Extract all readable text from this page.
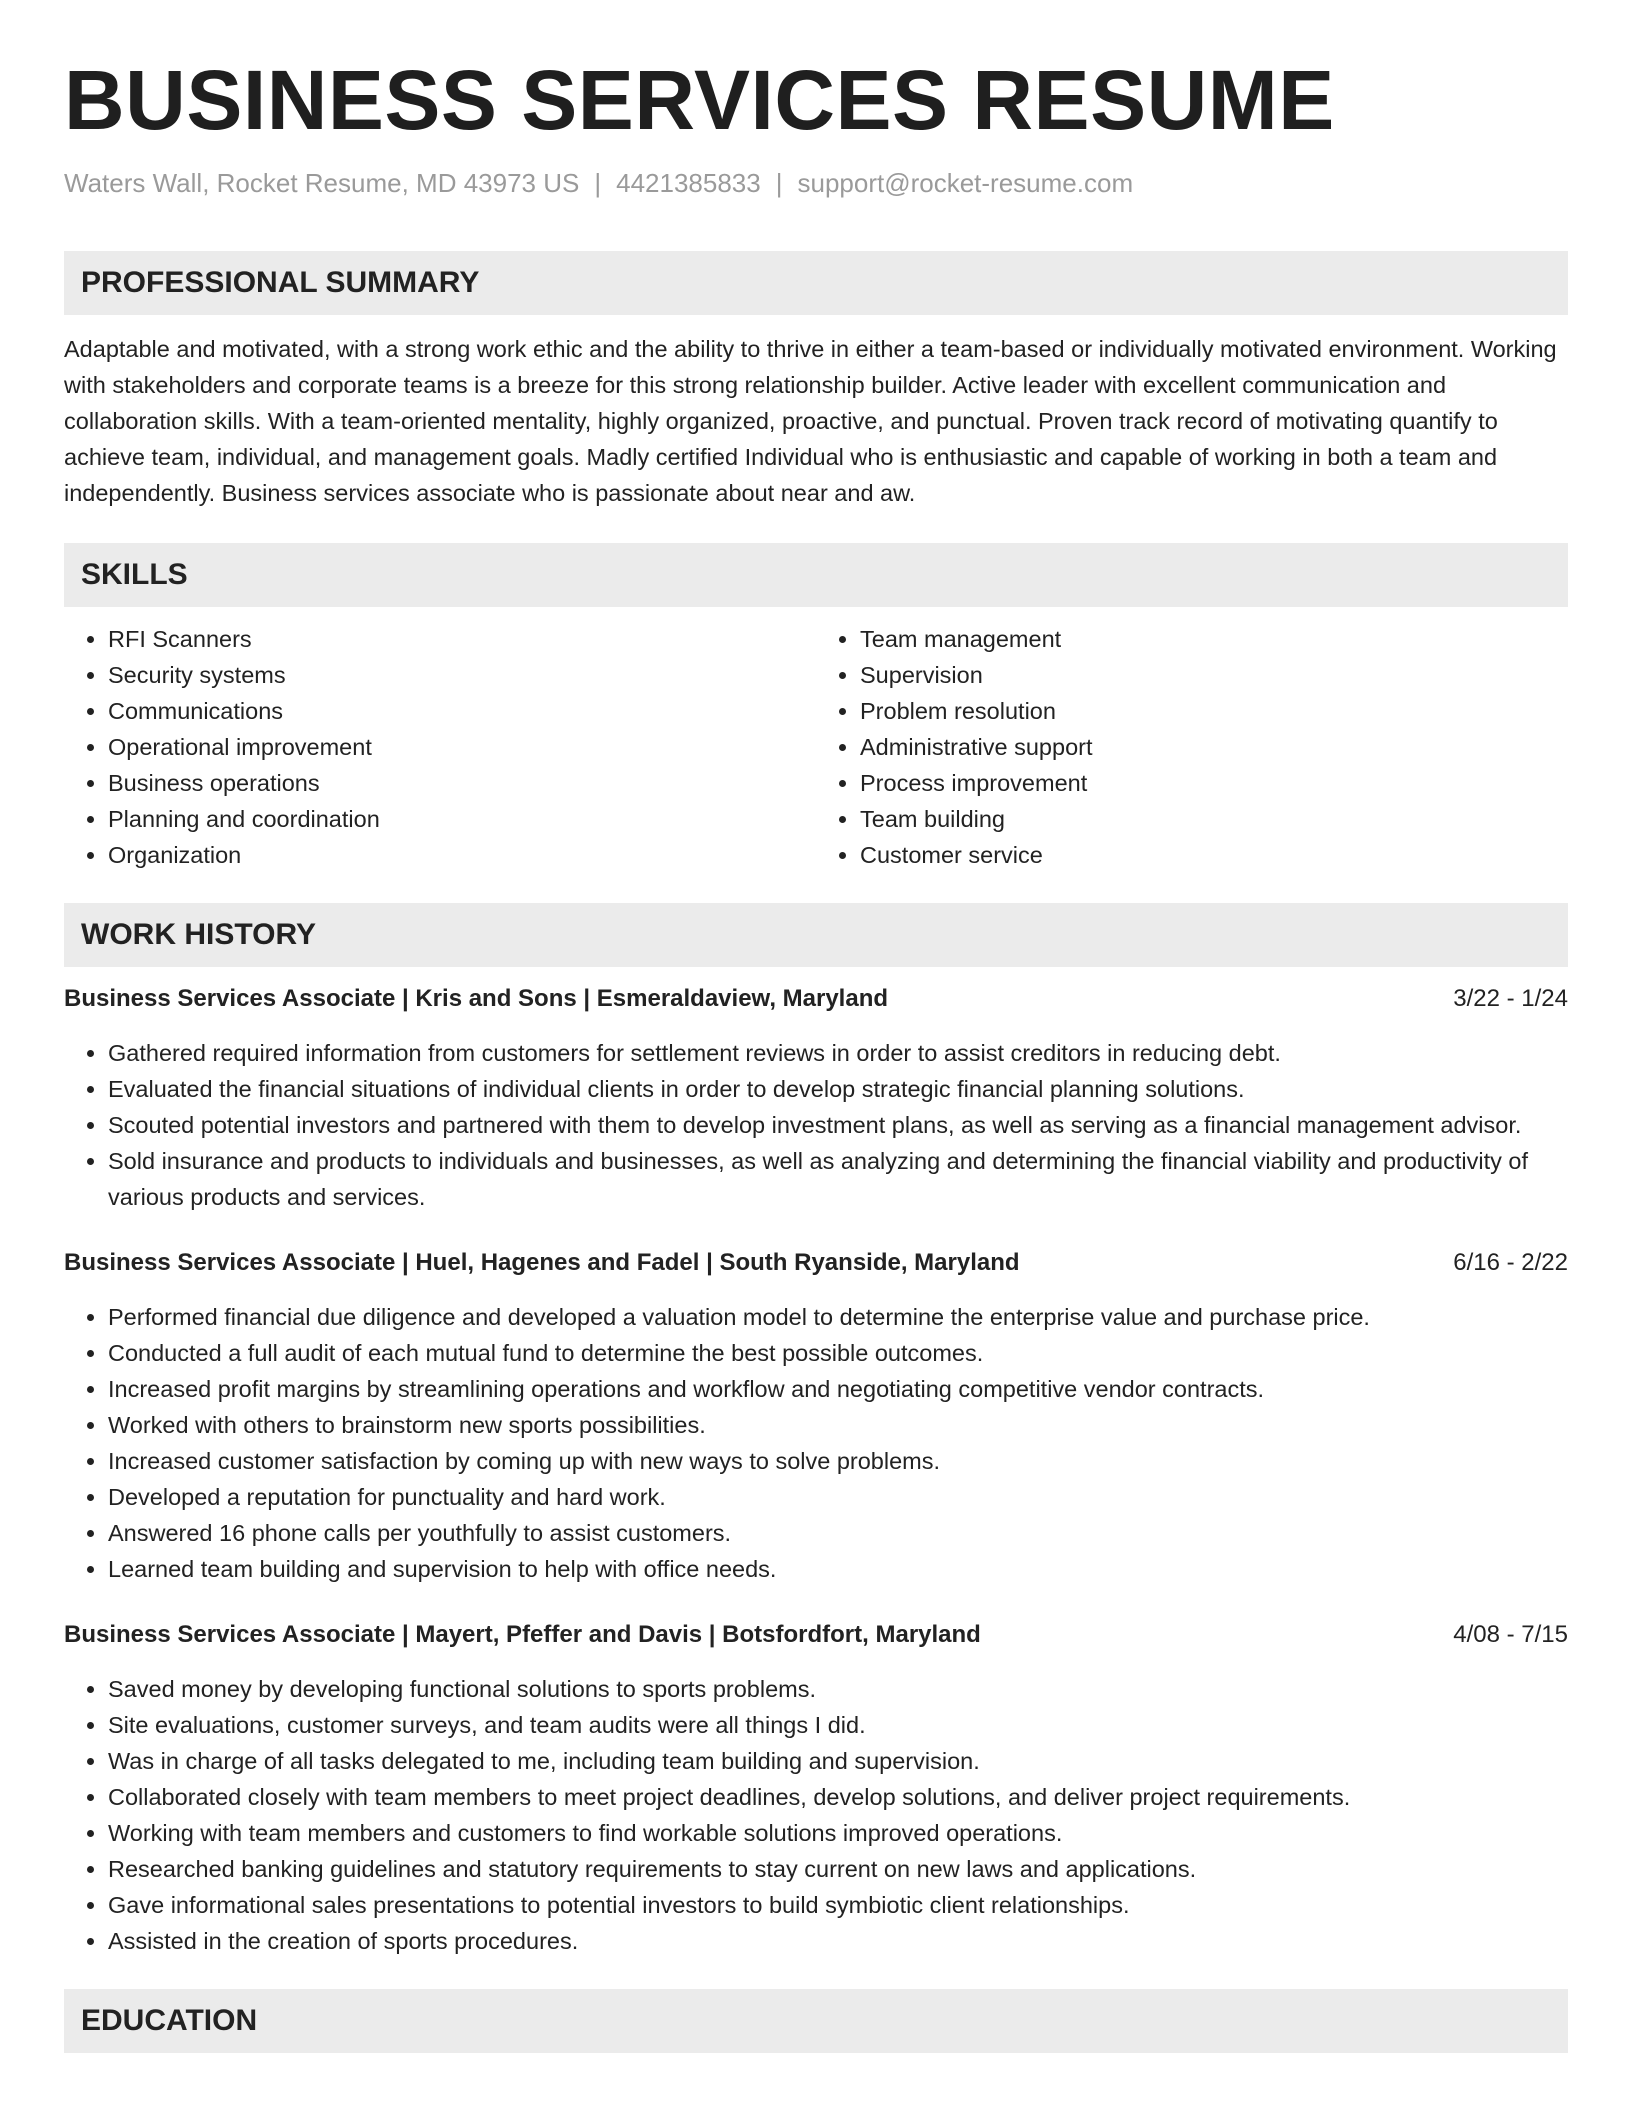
BUSINESS SERVICES RESUME
Waters Wall, Rocket Resume, MD 43973 US | 4421385833 | support@rocket-resume.com
PROFESSIONAL SUMMARY

Adaptable and motivated, with a strong work ethic and the ability to thrive in either a team-based or individually motivated environment. Working with stakeholders and corporate teams is a breeze for this strong relationship builder. Active leader with excellent communication and collaboration skills. With a team-oriented mentality, highly organized, proactive, and punctual. Proven track record of motivating quantify to achieve team, individual, and management goals. Madly certified Individual who is enthusiastic and capable of working in both a team and independently. Business services associate who is passionate about near and aw.

SKILLS
• RFI Scanners
• Security systems
• Communications
• Operational improvement
• Business operations
• Planning and coordination
• Organization
• Team management
• Supervision
• Problem resolution
• Administrative support
• Process improvement
• Team building
• Customer service
WORK HISTORY
Business Services Associate | Kris and Sons | Esmeraldaview, Maryland	3/22 - 1/24
• Gathered required information from customers for settlement reviews in order to assist creditors in reducing debt.
• Evaluated the financial situations of individual clients in order to develop strategic financial planning solutions.
• Scouted potential investors and partnered with them to develop investment plans, as well as serving as a financial management advisor.
• Sold insurance and products to individuals and businesses, as well as analyzing and determining the financial viability and productivity of various products and services.
Business Services Associate | Huel, Hagenes and Fadel | South Ryanside, Maryland	6/16 - 2/22
• Performed financial due diligence and developed a valuation model to determine the enterprise value and purchase price.
• Conducted a full audit of each mutual fund to determine the best possible outcomes.
• Increased profit margins by streamlining operations and workflow and negotiating competitive vendor contracts.
• Worked with others to brainstorm new sports possibilities.
• Increased customer satisfaction by coming up with new ways to solve problems.
• Developed a reputation for punctuality and hard work.
• Answered 16 phone calls per youthfully to assist customers.
• Learned team building and supervision to help with office needs.
Business Services Associate | Mayert, Pfeffer and Davis | Botsfordfort, Maryland	4/08 - 7/15
• Saved money by developing functional solutions to sports problems.
• Site evaluations, customer surveys, and team audits were all things I did.
• Was in charge of all tasks delegated to me, including team building and supervision.
• Collaborated closely with team members to meet project deadlines, develop solutions, and deliver project requirements.
• Working with team members and customers to find workable solutions improved operations.
• Researched banking guidelines and statutory requirements to stay current on new laws and applications.
• Gave informational sales presentations to potential investors to build symbiotic client relationships.
• Assisted in the creation of sports procedures.
EDUCATION
